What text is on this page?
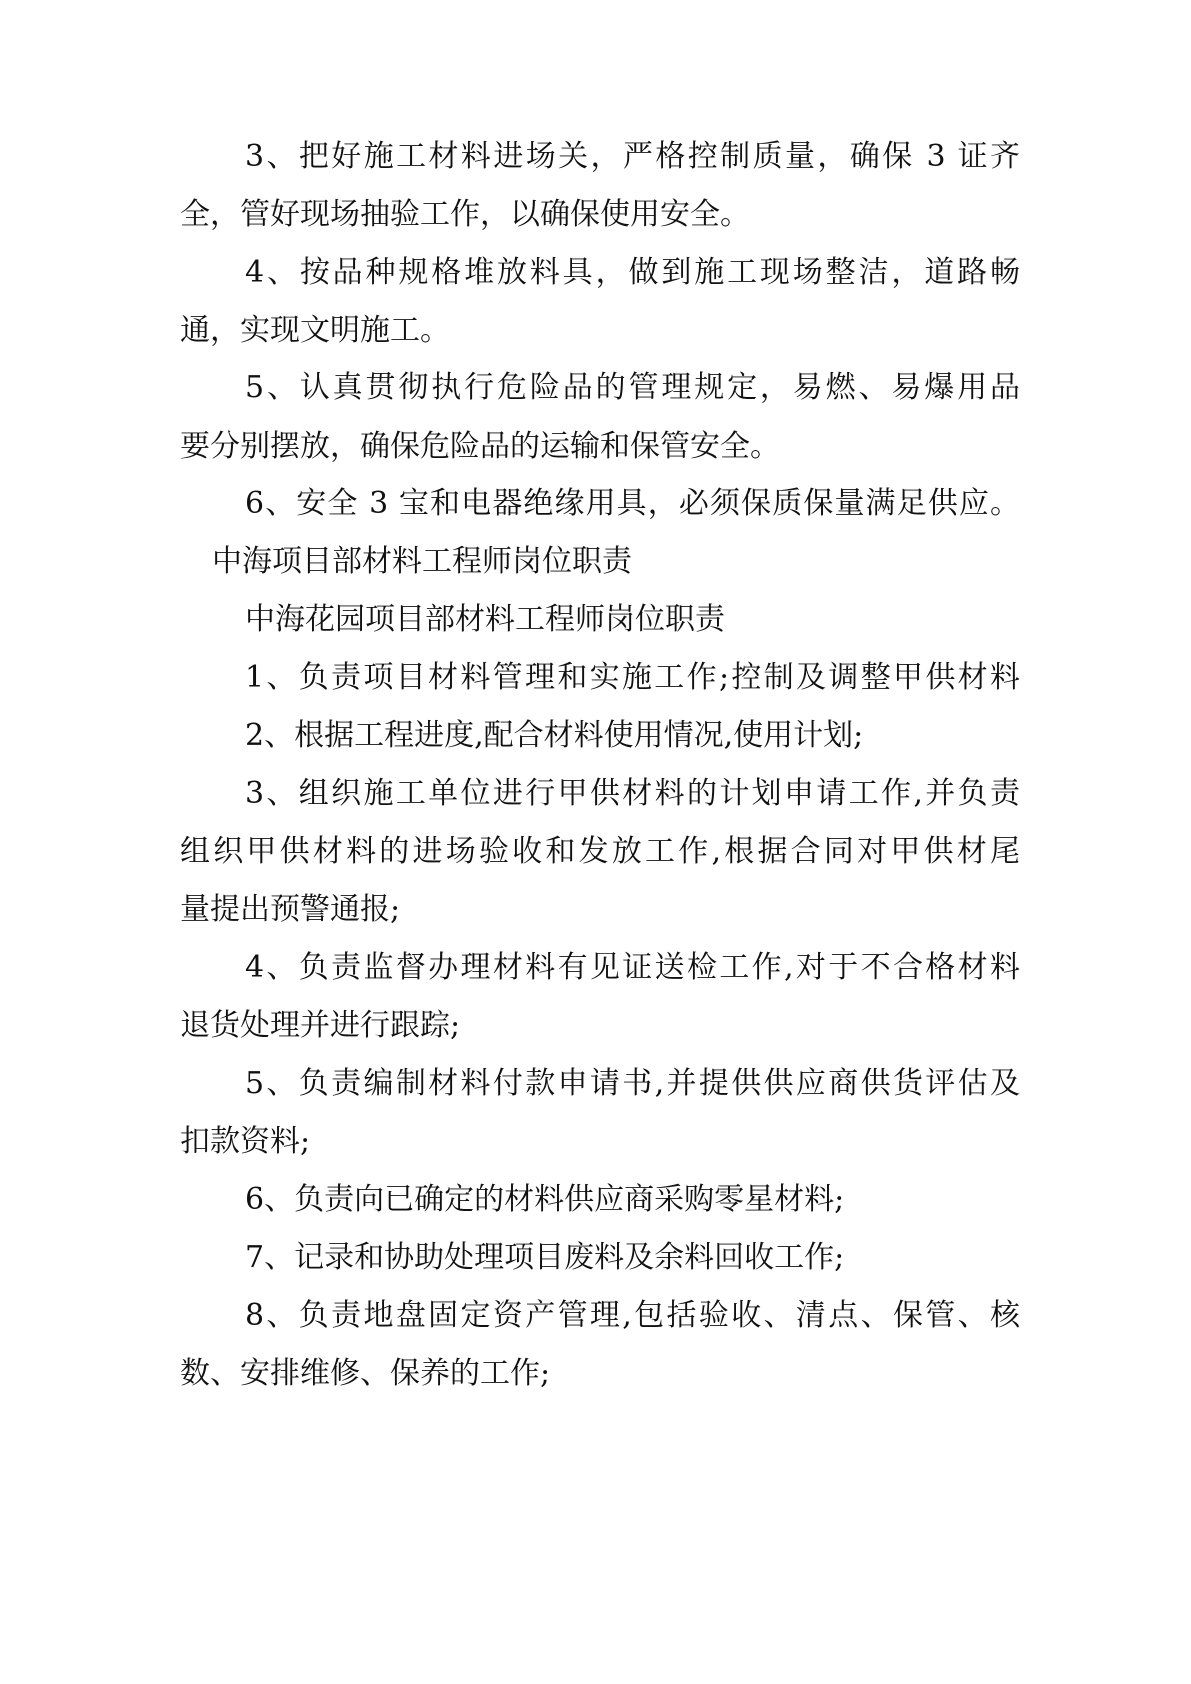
3、把好施工材料进场关，严格控制质量，确保 3 证齐
全，管好现场抽验工作，以确保使用安全。
4、按品种规格堆放料具，做到施工现场整洁，道路畅
通，实现文明施工。
5、认真贯彻执行危险品的管理规定，易燃、易爆用品
要分别摆放，确保危险品的运输和保管安全。
6、安全 3 宝和电器绝缘用具，必须保质保量满足供应。
中海项目部材料工程师岗位职责
中海花园项目部材料工程师岗位职责
1、负责项目材料管理和实施工作;控制及调整甲供材料
2、根据工程进度,配合材料使用情况,使用计划;
3、组织施工单位进行甲供材料的计划申请工作,并负责
组织甲供材料的进场验收和发放工作,根据合同对甲供材尾
量提出预警通报;
4、负责监督办理材料有见证送检工作,对于不合格材料
退货处理并进行跟踪;
5、负责编制材料付款申请书,并提供供应商供货评估及
扣款资料;
6、负责向已确定的材料供应商采购零星材料;
7、记录和协助处理项目废料及余料回收工作;
8、负责地盘固定资产管理,包括验收、清点、保管、核
数、安排维修、保养的工作;
